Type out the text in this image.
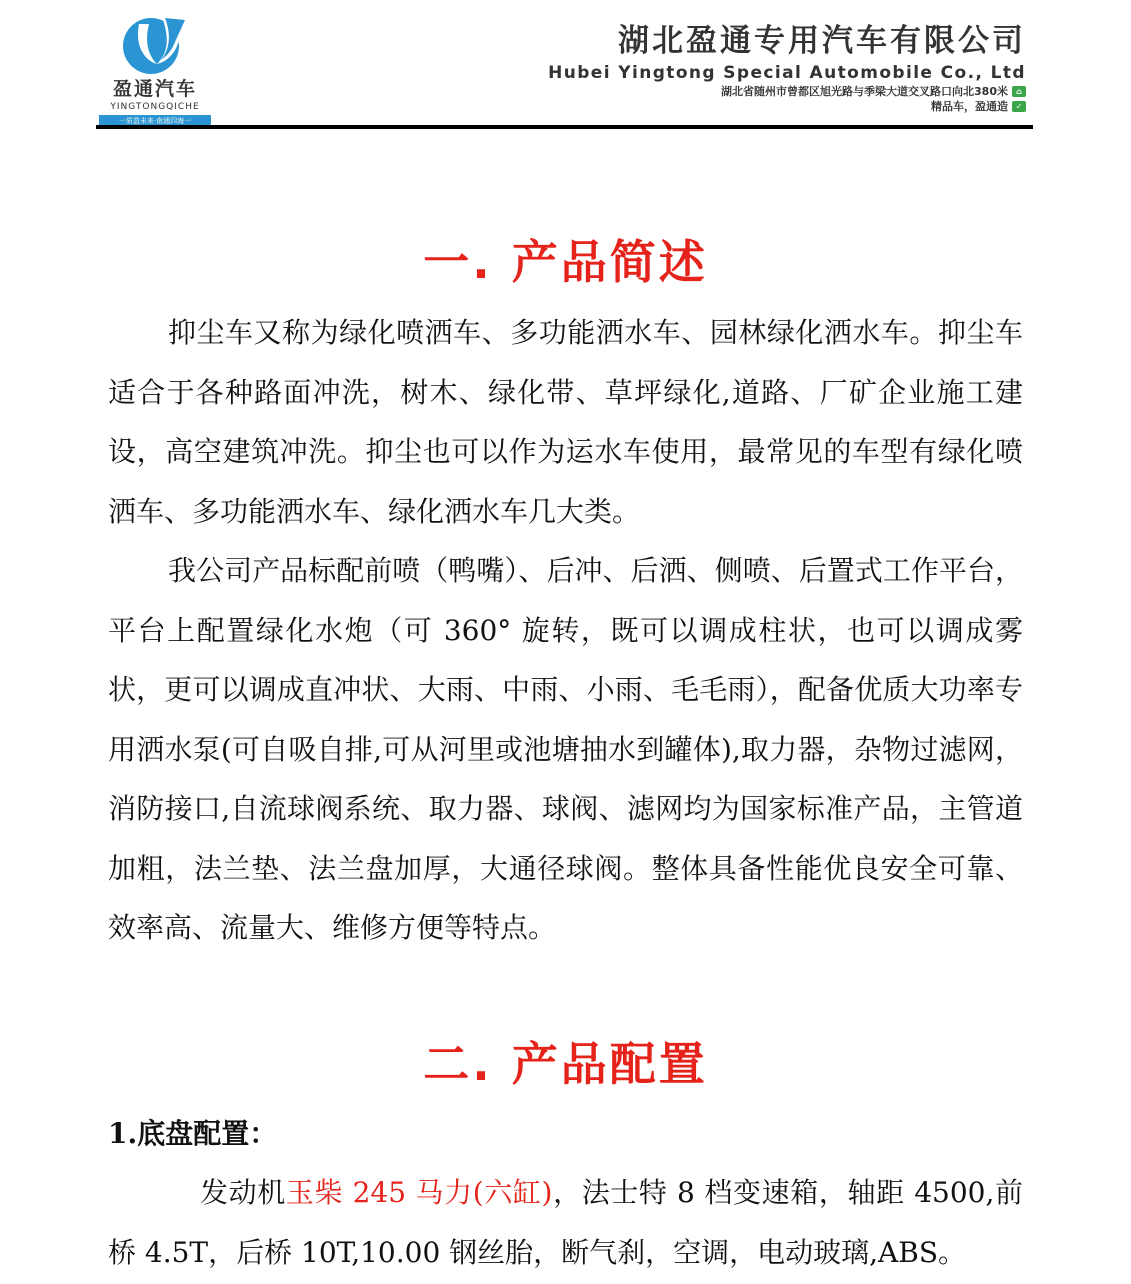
盈通汽车
YINGTONGQICHE
一质盈未来·南通四海一
湖北盈通专用汽车有限公司
Hubei Yingtong Special Automobile Co., Ltd
湖北省随州市曾都区旭光路与季梁大道交叉路口向北380米	⌂
精品车，盈通造 ✓
一. 产品简述

抑尘车又称为绿化喷洒车、多功能洒水车、园林绿化洒水车。抑尘车适合于各种路面冲洗，树木、绿化带、草坪绿化,道路、厂矿企业施工建设，高空建筑冲洗。抑尘也可以作为运水车使用，最常见的车型有绿化喷洒车、多功能洒水车、绿化洒水车几大类。

我公司产品标配前喷（鸭嘴）、后冲、后洒、侧喷、后置式工作平台，平台上配置绿化水炮（可 360° 旋转，既可以调成柱状，也可以调成雾状，更可以调成直冲状、大雨、中雨、小雨、毛毛雨），配备优质大功率专用洒水泵(可自吸自排,可从河里或池塘抽水到罐体),取力器，杂物过滤网，消防接口,自流球阀系统、取力器、球阀、滤网均为国家标准产品，主管道加粗，法兰垫、法兰盘加厚，大通径球阀。整体具备性能优良安全可靠、效率高、流量大、维修方便等特点。

二. 产品配置
1.底盘配置：

发动机玉柴 245 马力(六缸)，法士特 8 档变速箱，轴距 4500,前桥 4.5T，后桥 10T,10.00 钢丝胎，断气刹，空调，电动玻璃,ABS。
